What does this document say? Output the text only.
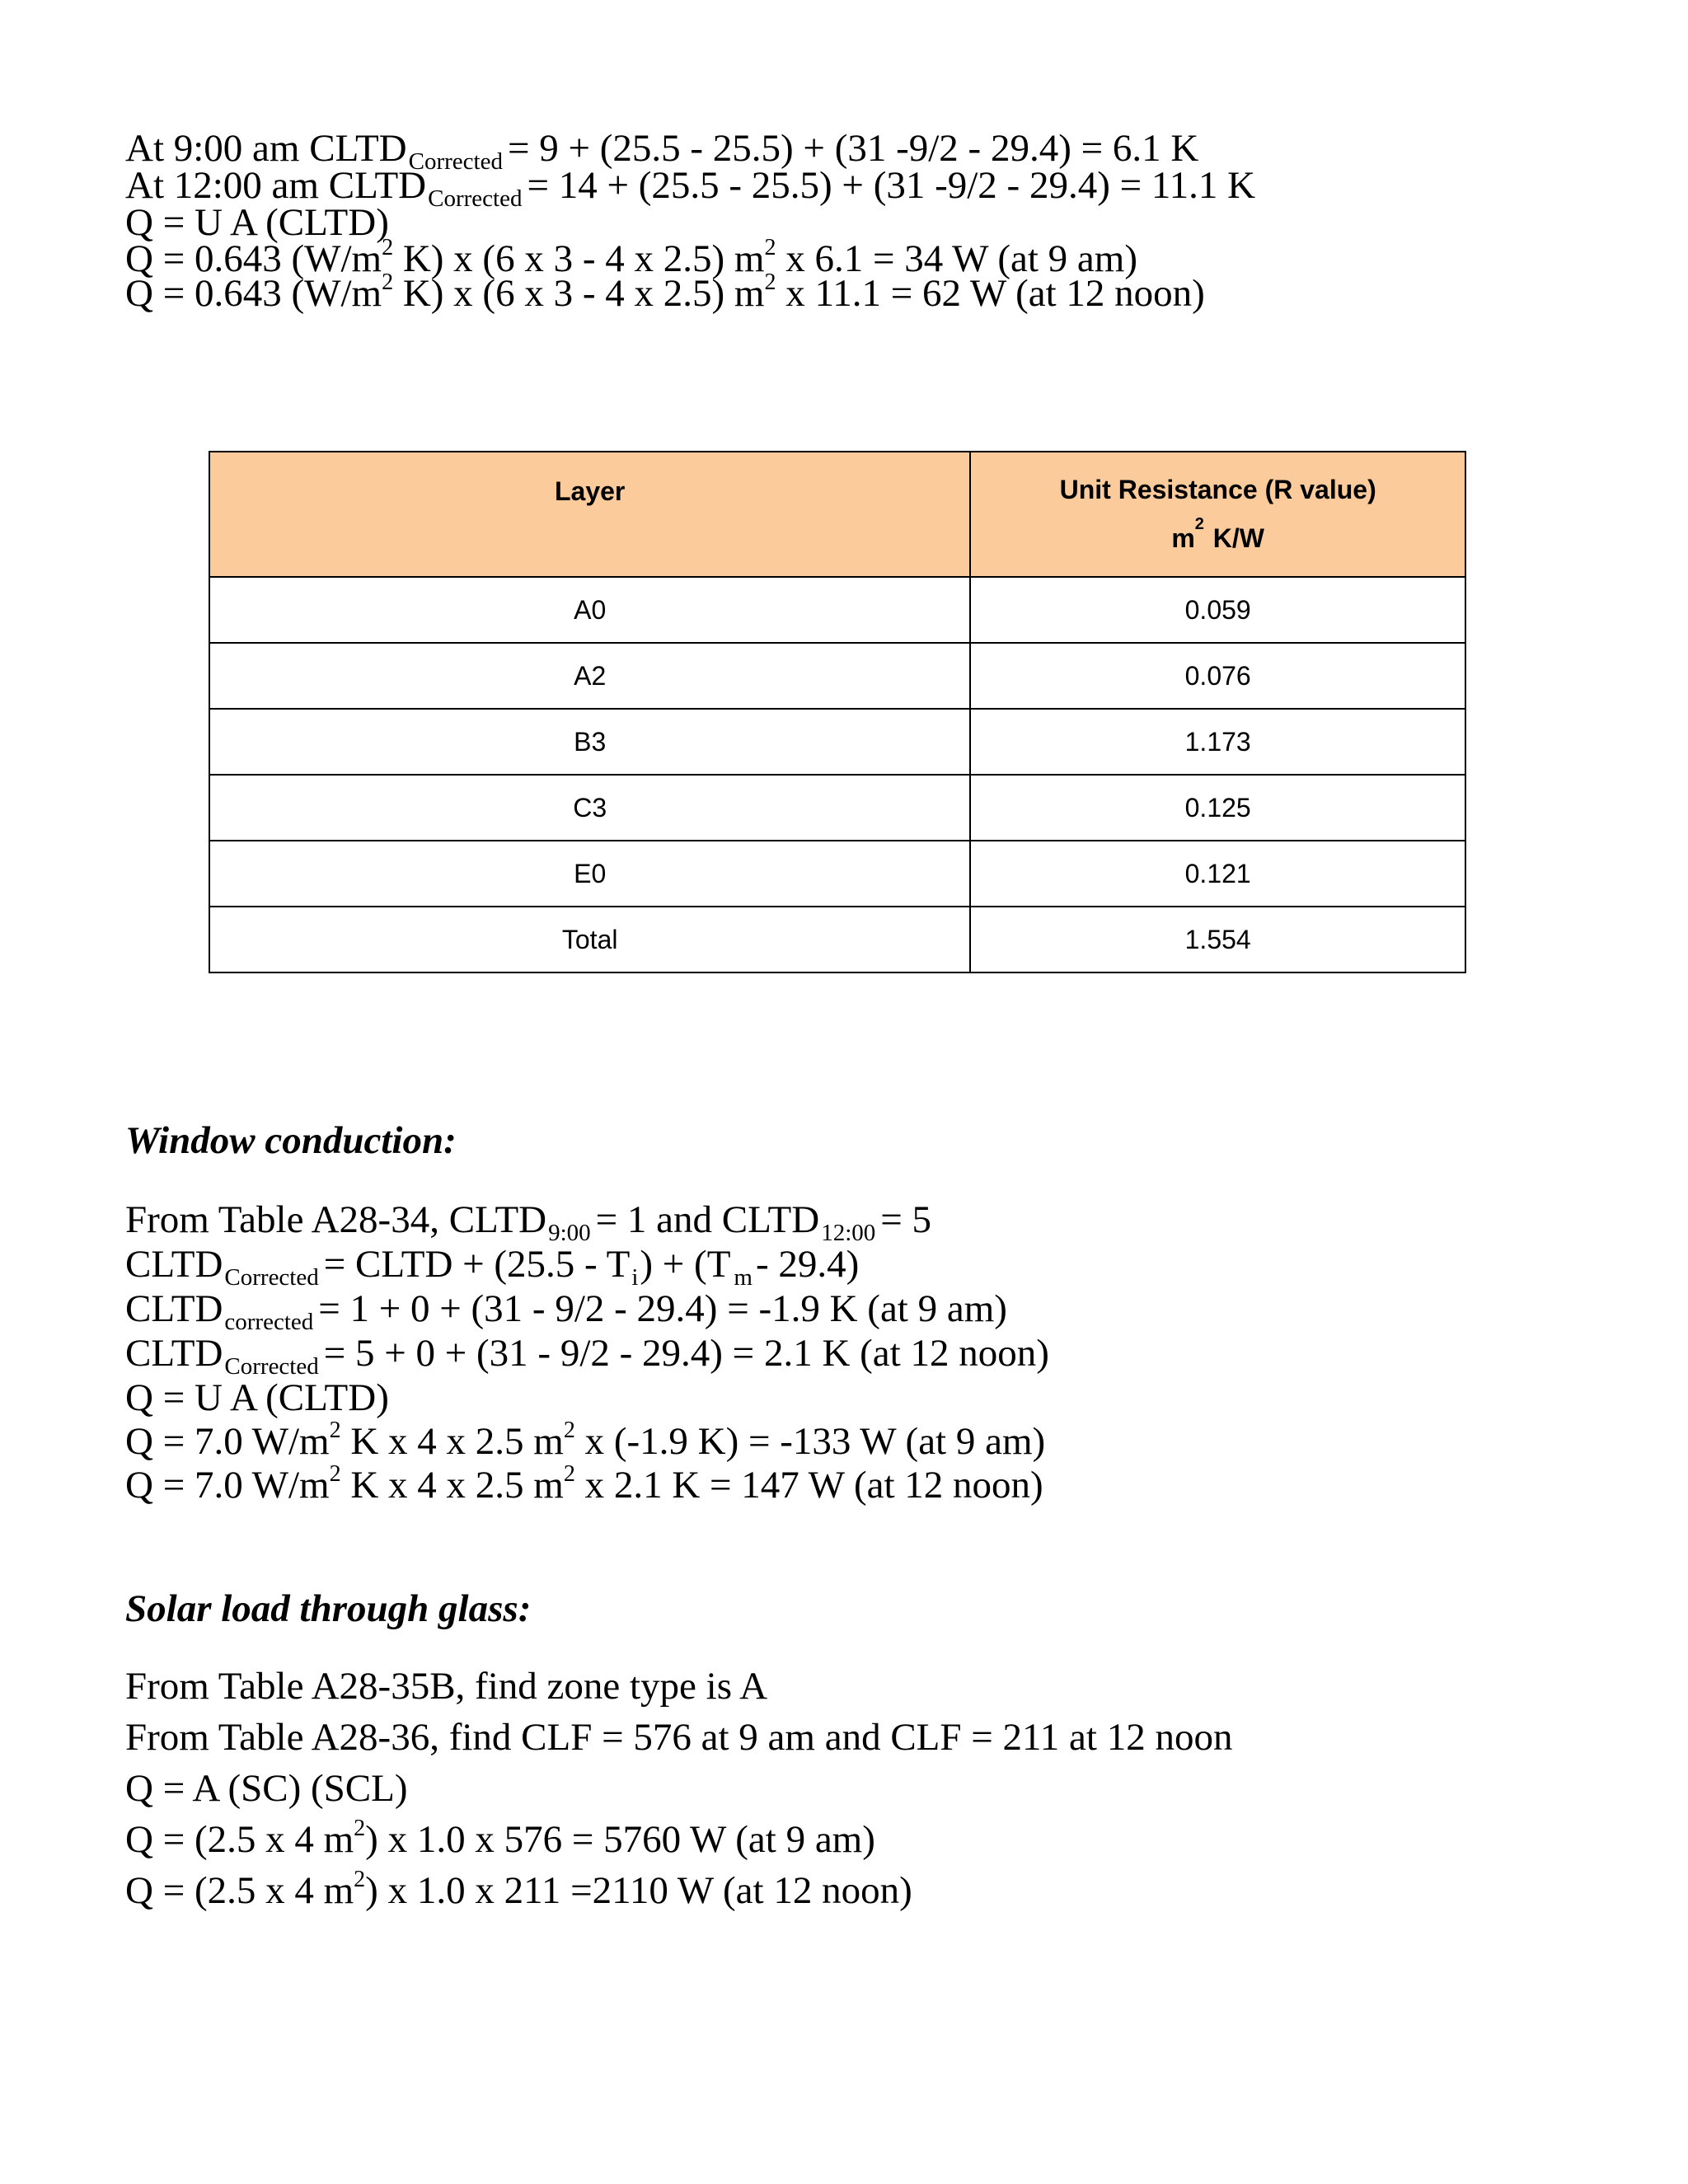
At 9:00 am $CLTD_{Corrected} = 9 + (25.5 - 25.5) + (31$ -9/2 - 29.4) = 6.1 K
At 12:00 am $CLTD_{Corrected} = 14 + (25.5 - 25.5) + (31$ -9/2 - 29.4) = 11.1 K
Q = U A (CLTD)
Q = 0.643 ($W/m^2$ K) x (6 x 3 - 4 x 2.5) $m^2$ x 6.1 = 34 W (at 9 am)
Q = 0.643 ($W/m^2$ K) x (6 x 3 - 4 x 2.5) $m^2$ x 11.1 = 62 W (at 12 noon)
Layer	Unit Resistance (R value)
$m^2$ K/W

A0	0.059
A2	0.076
B3	1.173
C3	0.125
E0	0.121
Total	1.554
Window conduction:
From Table A28-34, $CLTD_{9:00} = 1$ and $CLTD_{12:00} = 5$
$CLTD_{Corrected}$ = CLTD + $(25.5 - T_i) + (T$ $_m$- 29.4)
$CLTD_{corrected} = 1 + 0 + (31 - 9/2 - 29.4) = -1.9$ K (at 9 am)
$CLTD_{Corrected} = 5 + 0 + (31 - 9/2 - 29.4) = 2.1$ K (at 12 noon)
Q = U A (CLTD)
Q = 7.0 $W/m^2$ K x 4 x 2.5 $m^2$ x (-1.9 K) = -133 W (at 9 am)
Q = 7.0 $W/m^2$ K x 4 x 2.5 $m^2$ x 2.1 K = 147 W (at 12 noon)
Solar load through glass:
From Table A28-35B, find zone type is A
From Table A28-36, find CLF = 576 at 9 am and CLF = 211 at 12 noon
Q = A (SC) (SCL)
Q = (2.5 x 4 $m^2$) x 1.0 x 576 = 5760 W (at 9 am)
Q = (2.5 x 4 $m^2$) x 1.0 x 211 =2110 W (at 12 noon)
